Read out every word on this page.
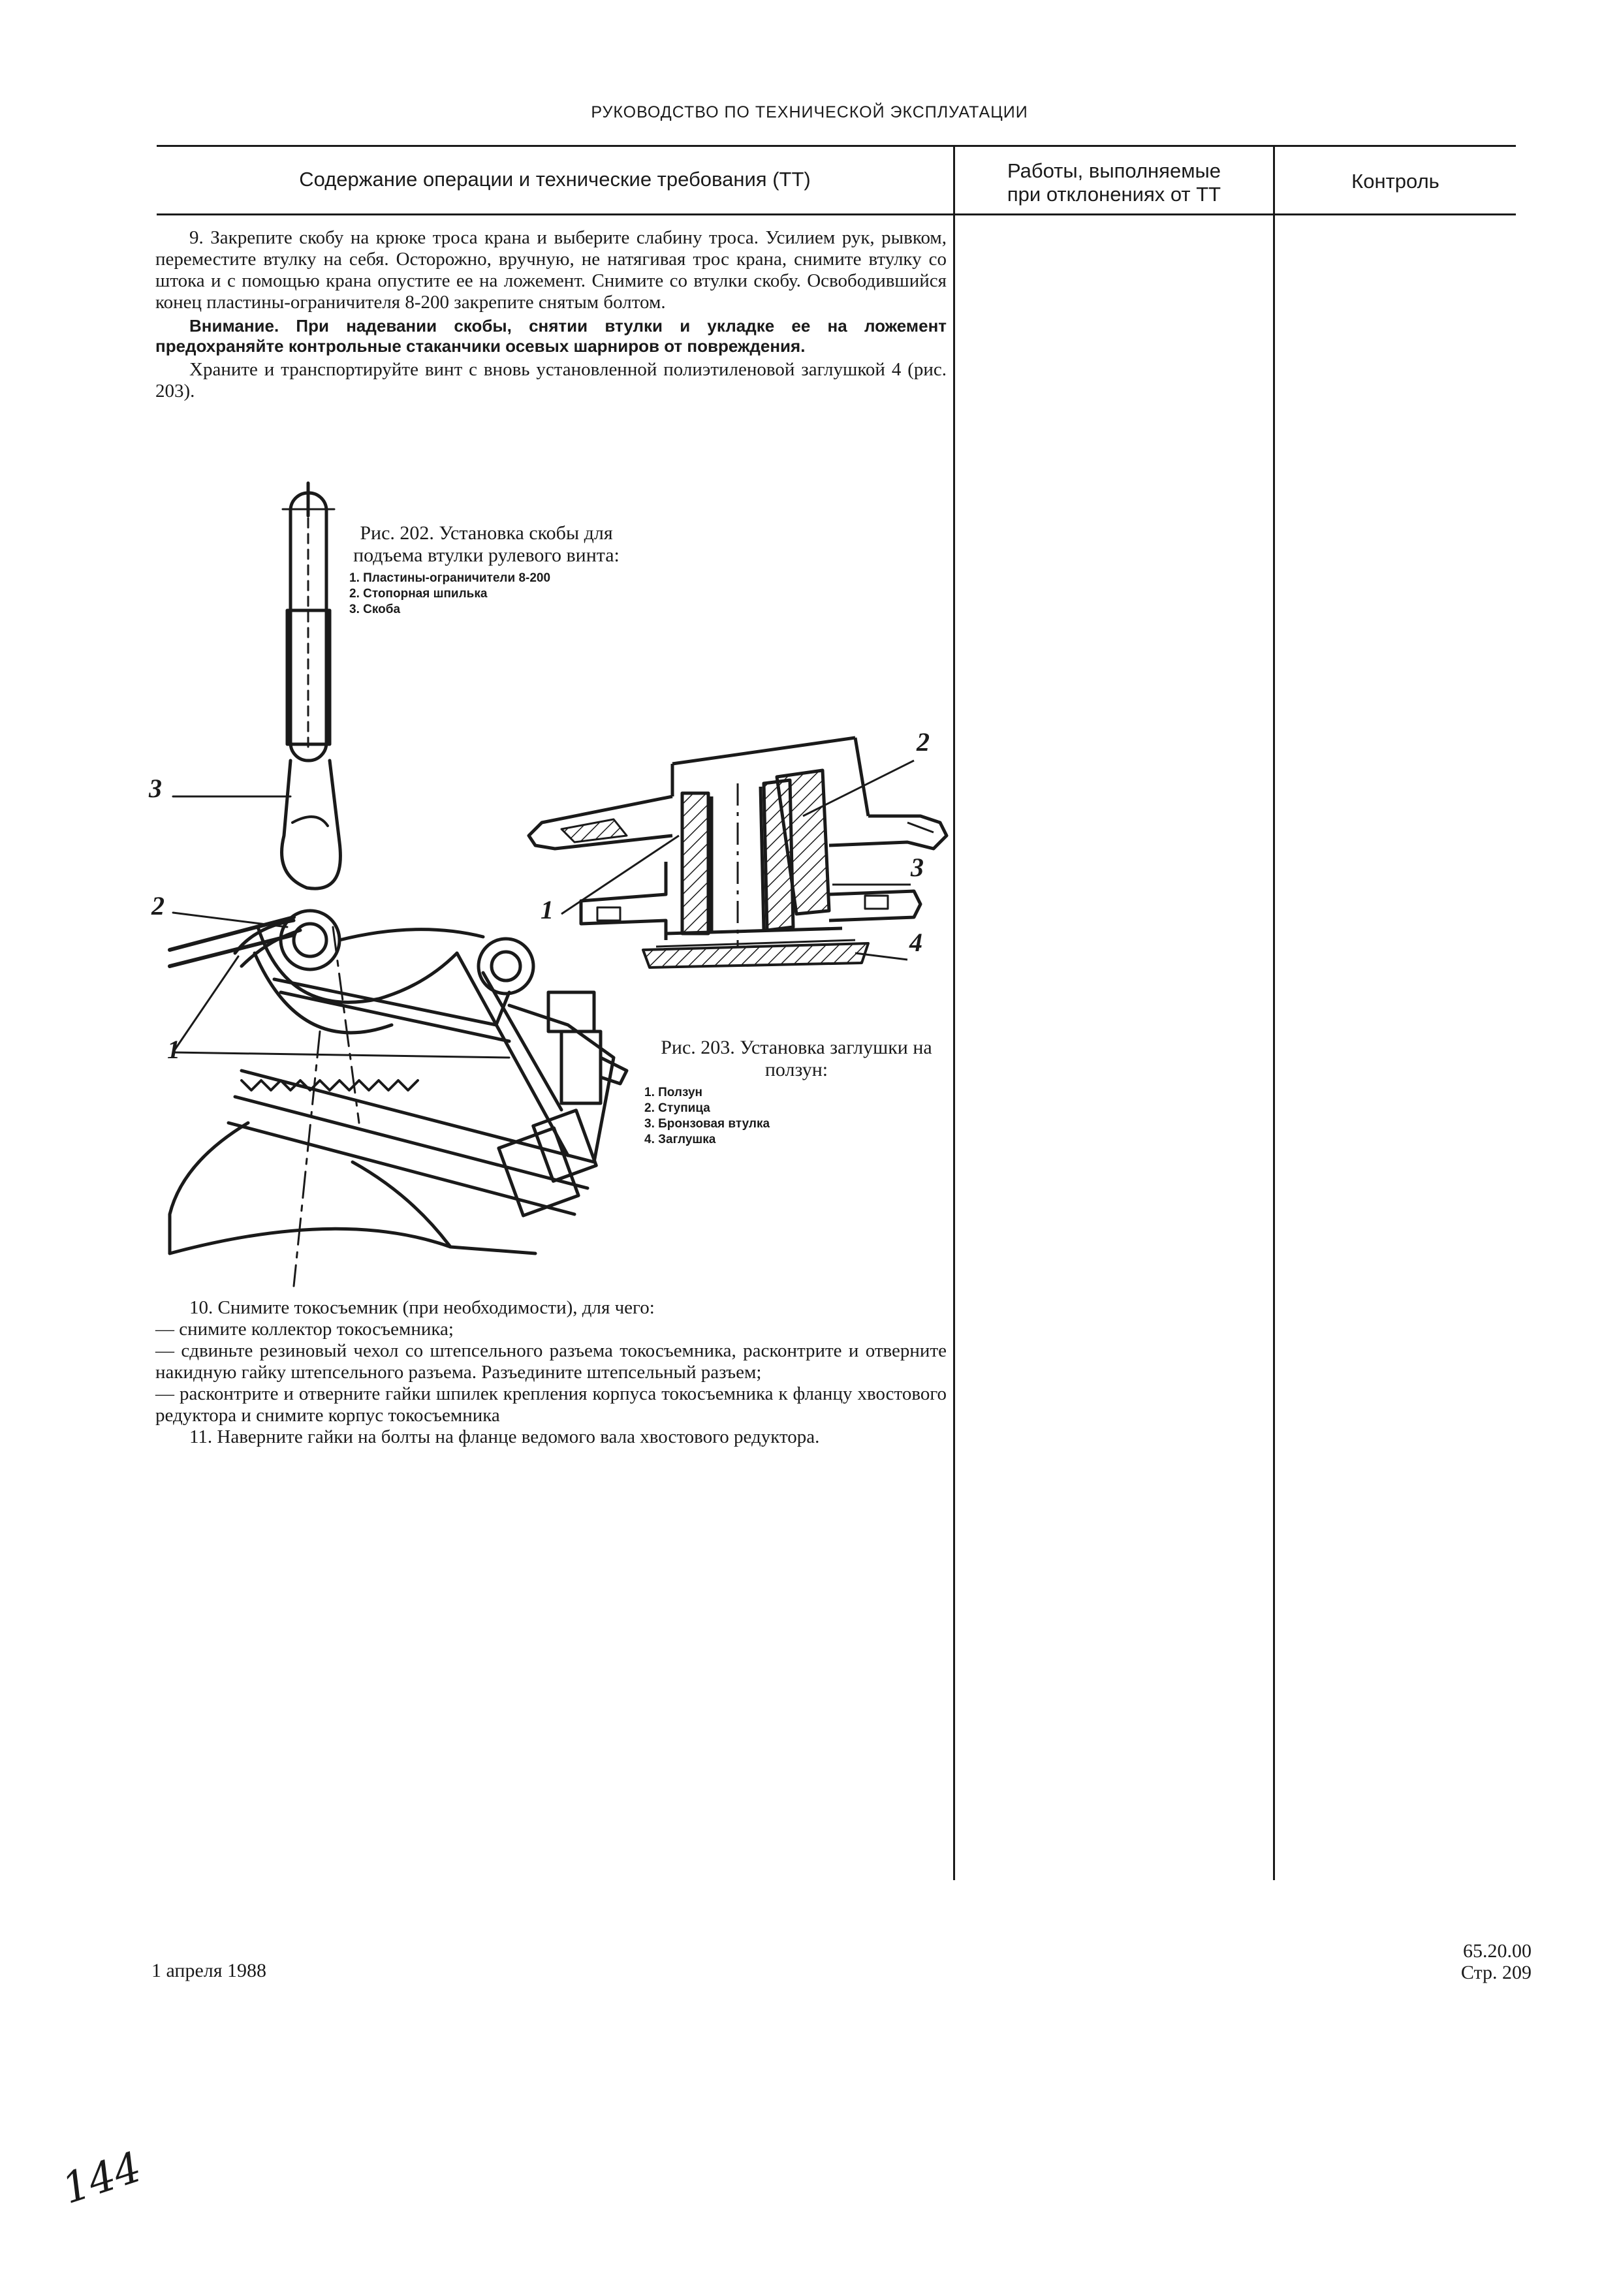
РУКОВОДСТВО ПО ТЕХНИЧЕСКОЙ ЭКСПЛУАТАЦИИ
Содержание операции и технические требования (ТТ)	Работы, выполняемые
при отклонениях от ТТ
Контроль

9. Закрепите скобу на крюке троса крана и выберите слабину троса. Усилием рук, рывком, переместите втулку на себя. Осторожно, вручную, не натягивая трос крана, снимите втулку со штока и с помощью крана опустите ее на ложемент. Снимите со втулки скобу. Освободившийся конец пластины-ограничителя 8-200 закрепите снятым болтом.

Внимание. При надевании скобы, снятии втулки и укладке ее на ложемент предохраняйте контрольные стаканчики осевых шарниров от повреждения.

Храните и транспортируйте винт с вновь установленной полиэтиленовой заглушкой 4 (рис. 203).

Рис. 202. Установка скобы для подъема втулки рулевого винта:
1. Пластины-ограничители 8-200
2. Стопорная шпилька
3. Скоба
3
2
1
2
3
4
1
Рис. 203. Установка заглушки на ползун:
1. Ползун
2. Ступица
3. Бронзовая втулка
4. Заглушка

10. Снимите токосъемник (при необходимости), для чего:

— снимите коллектор токосъемника;

— сдвиньте резиновый чехол со штепсельного разъема токосъемника, расконтрите и отверните накидную гайку штепсельного разъема. Разъедините штепсельный разъем;

— расконтрите и отверните гайки шпилек крепления корпуса токосъемника к фланцу хвостового редуктора и снимите корпус токосъемника

11. Наверните гайки на болты на фланце ведомого вала хвостового редуктора.

1 апреля 1988
65.20.00
Стр. 209
144
